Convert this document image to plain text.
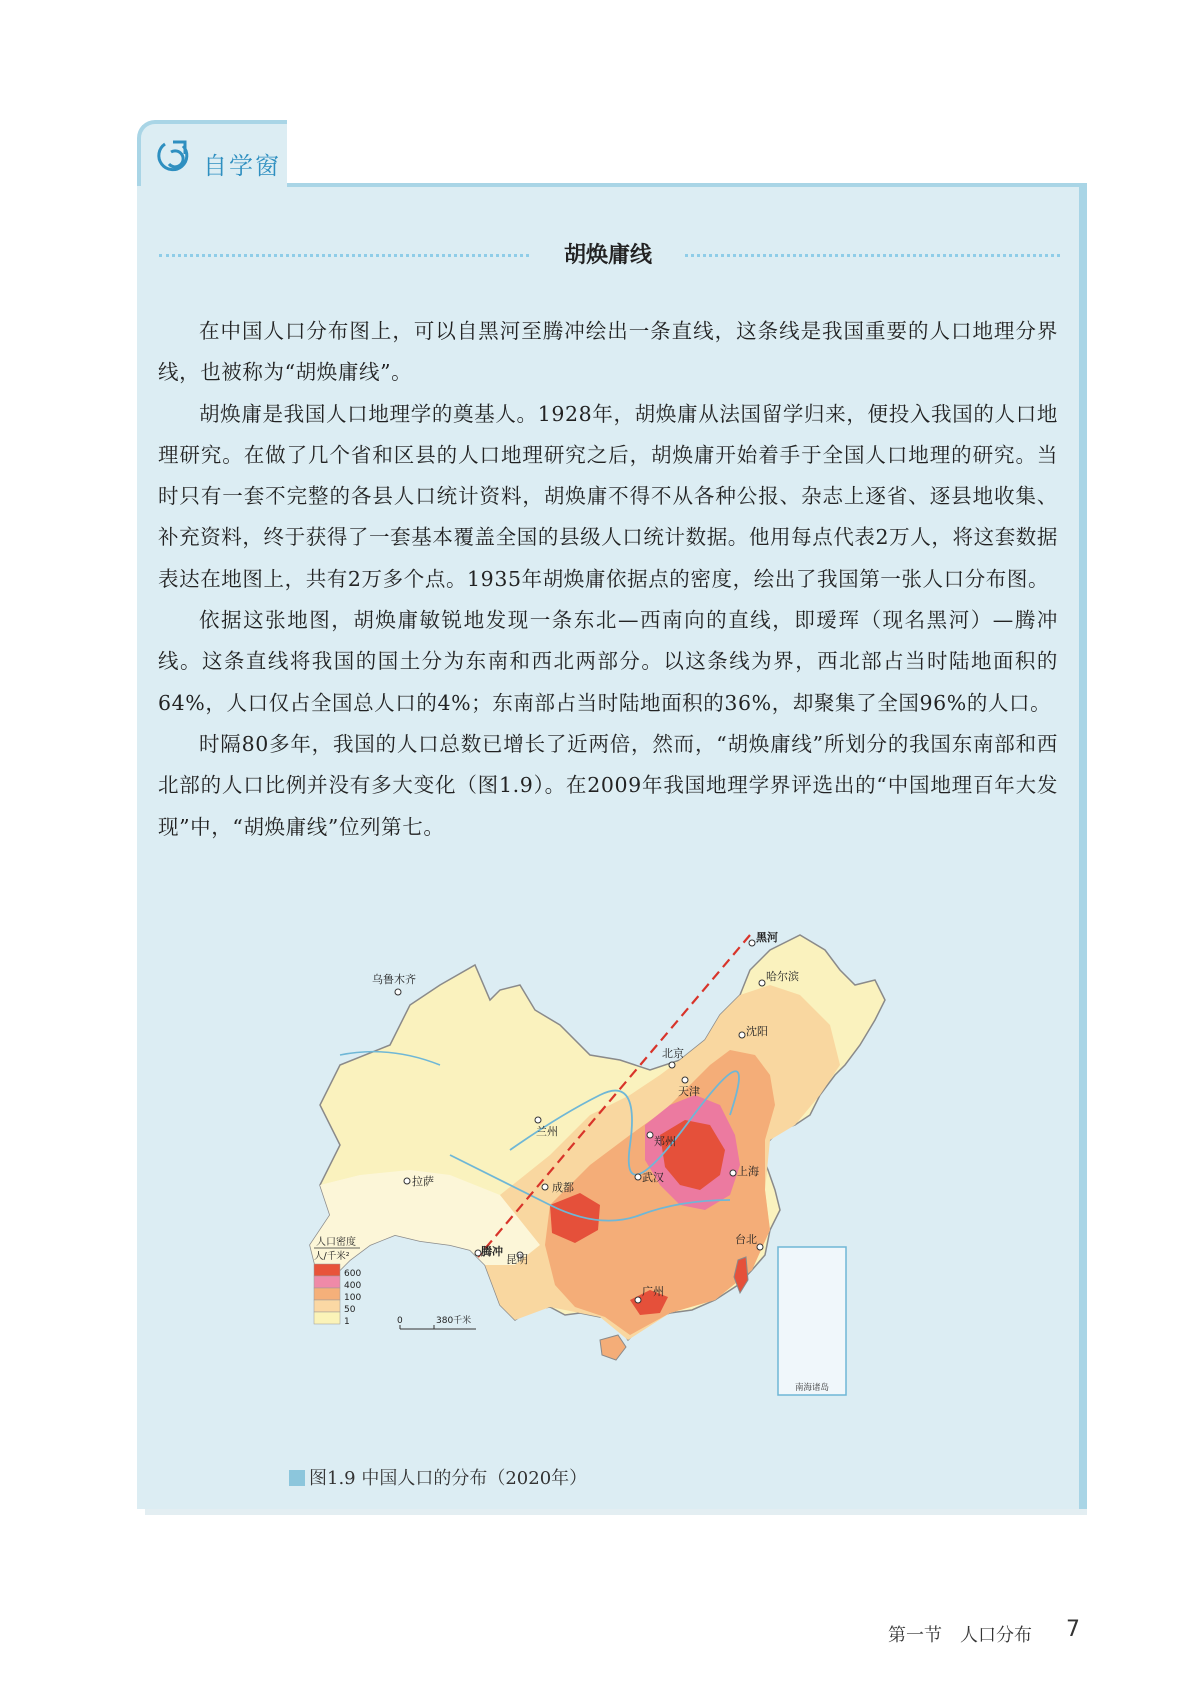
自学窗
胡焕庸线

在中国人口分布图上，可以自黑河至腾冲绘出一条直线，这条线是我国重要的人口地理分界线，也被称为“胡焕庸线”。

胡焕庸是我国人口地理学的奠基人。1928年，胡焕庸从法国留学归来，便投入我国的人口地理研究。在做了几个省和区县的人口地理研究之后，胡焕庸开始着手于全国人口地理的研究。当时只有一套不完整的各县人口统计资料，胡焕庸不得不从各种公报、杂志上逐省、逐县地收集、补充资料，终于获得了一套基本覆盖全国的县级人口统计数据。他用每点代表2万人，将这套数据表达在地图上，共有2万多个点。1935年胡焕庸依据点的密度，绘出了我国第一张人口分布图。

依据这张地图，胡焕庸敏锐地发现一条东北—西南向的直线，即瑷珲（现名黑河）—腾冲线。这条直线将我国的国土分为东南和西北两部分。以这条线为界，西北部占当时陆地面积的64%，人口仅占全国总人口的4%；东南部占当时陆地面积的36%，却聚集了全国96%的人口。

时隔80多年，我国的人口总数已增长了近两倍，然而，“胡焕庸线”所划分的我国东南部和西北部的人口比例并没有多大变化（图1.9）。在2009年我国地理学界评选出的“中国地理百年大发现”中，“胡焕庸线”位列第七。

南海诸岛
黑河
哈尔滨
乌鲁木齐
沈阳
北京
天津
兰州
郑州
上海
拉萨	成都
武汉
腾冲
昆明
台北
广州
人口密度
人/千米²
600
400
100
50
1	0	380千米
图1.9 中国人口的分布（2020年）
第一节　人口分布 7
